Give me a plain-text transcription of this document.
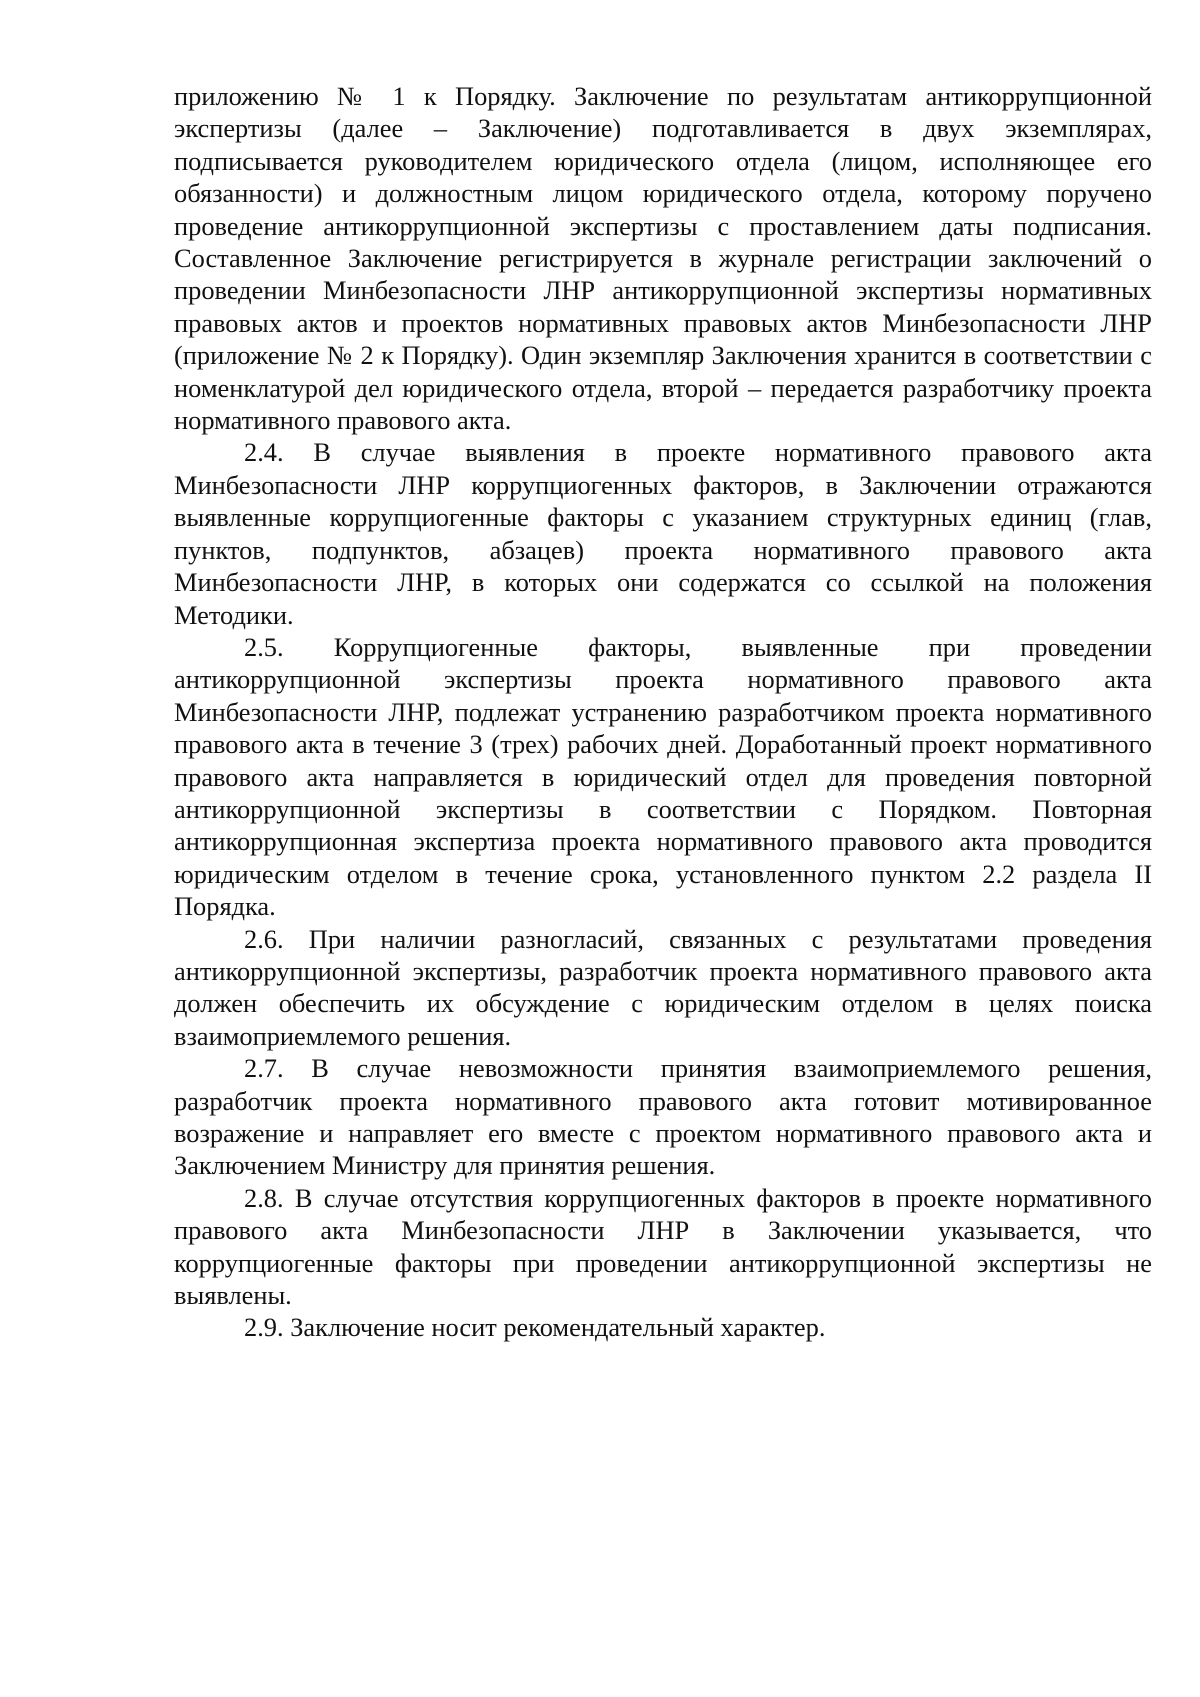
приложению № 1 к Порядку. Заключение по результатам антикоррупционной экспертизы (далее – Заключение) подготавливается в двух экземплярах, подписывается руководителем юридического отдела (лицом, исполняющее его обязанности) и должностным лицом юридического отдела, которому поручено проведение антикоррупционной экспертизы с проставлением даты подписания. Составленное Заключение регистрируется в журнале регистрации заключений о проведении Минбезопасности ЛНР антикоррупционной экспертизы нормативных правовых актов и проектов нормативных правовых актов Минбезопасности ЛНР (приложение № 2 к Порядку). Один экземпляр Заключения хранится в соответствии с номенклатурой дел юридического отдела, второй – передается разработчику проекта нормативного правового акта.

2.4. В случае выявления в проекте нормативного правового акта Минбезопасности ЛНР коррупциогенных факторов, в Заключении отражаются выявленные коррупциогенные факторы с указанием структурных единиц (глав, пунктов, подпунктов, абзацев) проекта нормативного правового акта Минбезопасности ЛНР, в которых они содержатся со ссылкой на положения Методики.

2.5. Коррупциогенные факторы, выявленные при проведении антикоррупционной экспертизы проекта нормативного правового акта Минбезопасности ЛНР, подлежат устранению разработчиком проекта нормативного правового акта в течение 3 (трех) рабочих дней. Доработанный проект нормативного правового акта направляется в юридический отдел для проведения повторной антикоррупционной экспертизы в соответствии с Порядком. Повторная антикоррупционная экспертиза проекта нормативного правового акта проводится юридическим отделом в течение срока, установленного пунктом 2.2 раздела II Порядка.

2.6. При наличии разногласий, связанных с результатами проведения антикоррупционной экспертизы, разработчик проекта нормативного правового акта должен обеспечить их обсуждение с юридическим отделом в целях поиска взаимоприемлемого решения.

2.7. В случае невозможности принятия взаимоприемлемого решения, разработчик проекта нормативного правового акта готовит мотивированное возражение и направляет его вместе с проектом нормативного правового акта и Заключением Министру для принятия решения.

2.8. В случае отсутствия коррупциогенных факторов в проекте нормативного правового акта Минбезопасности ЛНР в Заключении указывается, что коррупциогенные факторы при проведении антикоррупционной экспертизы не выявлены.

2.9. Заключение носит рекомендательный характер.
